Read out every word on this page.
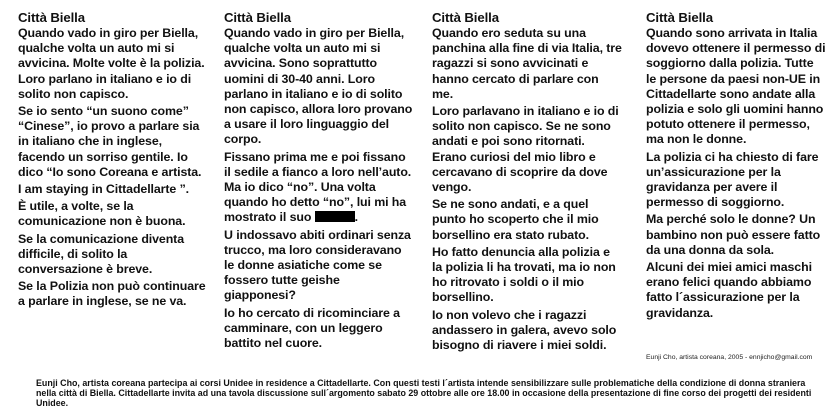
Città Biella

Quando vado in giro per Biella, qualche volta un auto mi si avvicina. Molte volte è la polizia. Loro parlano in italiano e io di solito non capisco.

Se io sento “un suono come” “Cinese”, io provo a parlare sia in italiano che in inglese, facendo un sorriso gentile. Io dico “Io sono Coreana e artista.

I am staying in Cittadellarte ”.

È utile, a volte, se la comunicazione non è buona.

Se la comunicazione diventa difficile, di solito la conversazione è breve.

Se la Polizia non può continuare a parlare in inglese, se ne va.

Città Biella

Quando vado in giro per Biella, qualche volta un auto mi si avvicina. Sono soprattutto uomini di 30-40 anni. Loro parlano in italiano e io di solito non capisco, allora loro provano a usare il loro linguaggio del corpo.

Fissano prima me e poi fissano il sedile a fianco a loro nell’auto. Ma io dico “no”. Una volta quando ho detto “no”, lui mi ha mostrato il suo	.

U indossavo abiti ordinari senza trucco, ma loro consideravano le donne asiatiche come se fossero tutte geishe giapponesi?

Io ho cercato di ricominciare a camminare, con un leggero battito nel cuore.

Città Biella

Quando ero seduta su una panchina alla fine di via Italia, tre ragazzi si sono avvicinati e hanno cercato di parlare con me.

Loro parlavano in italiano e io di solito non capisco. Se ne sono andati e poi sono ritornati. Erano curiosi del mio libro e cercavano di scoprire da dove vengo.

Se ne sono andati, e a quel punto ho scoperto che il mio borsellino era stato rubato.

Ho fatto denuncia alla polizia e la polizia li ha trovati, ma io non ho ritrovato i soldi o il mio borsellino.

Io non volevo che i ragazzi andassero in galera, avevo solo bisogno di riavere i miei soldi.

Città Biella

Quando sono arrivata in Italia dovevo ottenere il permesso di soggiorno dalla polizia. Tutte le persone da paesi non-UE in Cittadellarte sono andate alla polizia e solo gli uomini hanno potuto ottenere il permesso, ma non le donne.

La polizia ci ha chiesto di fare un’assicurazione per la gravidanza per avere il permesso di soggiorno.

Ma perché solo le donne? Un bambino non può essere fatto da una donna da sola.

Alcuni dei miei amici maschi erano felici quando abbiamo fatto l´assicurazione per la gravidanza.

Eunji Cho, artista coreana, 2005 - ennjicho@gmail.com
Eunji Cho, artista coreana partecipa ai corsi Unidee in residence a Cittadellarte. Con questi testi l´artista intende sensibilizzare sulle problematiche della condizione di donna straniera nella città di Biella. Cittadellarte invita ad una tavola discussione sull´argomento sabato 29 ottobre alle ore 18.00 in occasione della presentazione di fine corso dei progetti dei residenti Unidee.
